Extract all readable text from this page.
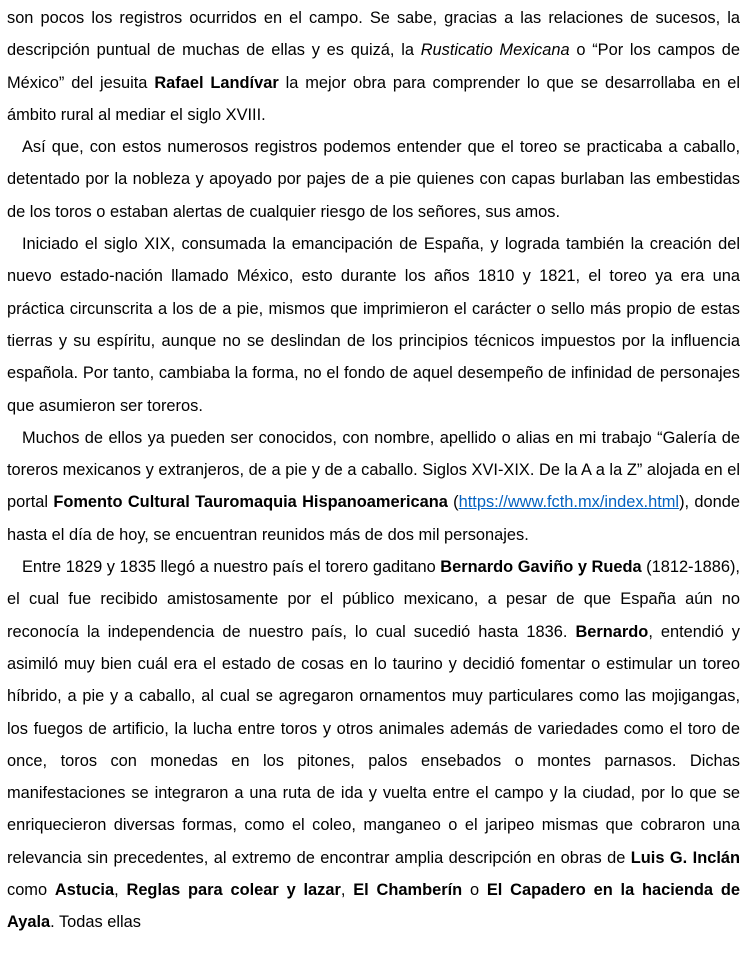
son pocos los registros ocurridos en el campo. Se sabe, gracias a las relaciones de sucesos, la descripción puntual de muchas de ellas y es quizá, la Rusticatio Mexicana o “Por los campos de México” del jesuita Rafael Landívar la mejor obra para comprender lo que se desarrollaba en el ámbito rural al mediar el siglo XVIII.

Así que, con estos numerosos registros podemos entender que el toreo se practicaba a caballo, detentado por la nobleza y apoyado por pajes de a pie quienes con capas burlaban las embestidas de los toros o estaban alertas de cualquier riesgo de los señores, sus amos.

Iniciado el siglo XIX, consumada la emancipación de España, y lograda también la creación del nuevo estado-nación llamado México, esto durante los años 1810 y 1821, el toreo ya era una práctica circunscrita a los de a pie, mismos que imprimieron el carácter o sello más propio de estas tierras y su espíritu, aunque no se deslindan de los principios técnicos impuestos por la influencia española. Por tanto, cambiaba la forma, no el fondo de aquel desempeño de infinidad de personajes que asumieron ser toreros.

Muchos de ellos ya pueden ser conocidos, con nombre, apellido o alias en mi trabajo “Galería de toreros mexicanos y extranjeros, de a pie y de a caballo. Siglos XVI-XIX. De la A a la Z” alojada en el portal Fomento Cultural Tauromaquia Hispanoamericana (https://www.fcth.mx/index.html), donde hasta el día de hoy, se encuentran reunidos más de dos mil personajes.

Entre 1829 y 1835 llegó a nuestro país el torero gaditano Bernardo Gaviño y Rueda (1812-1886), el cual fue recibido amistosamente por el público mexicano, a pesar de que España aún no reconocía la independencia de nuestro país, lo cual sucedió hasta 1836. Bernardo, entendió y asimiló muy bien cuál era el estado de cosas en lo taurino y decidió fomentar o estimular un toreo híbrido, a pie y a caballo, al cual se agregaron ornamentos muy particulares como las mojigangas, los fuegos de artificio, la lucha entre toros y otros animales además de variedades como el toro de once, toros con monedas en los pitones, palos ensebados o montes parnasos. Dichas manifestaciones se integraron a una ruta de ida y vuelta entre el campo y la ciudad, por lo que se enriquecieron diversas formas, como el coleo, manganeo o el jaripeo mismas que cobraron una relevancia sin precedentes, al extremo de encontrar amplia descripción en obras de Luis G. Inclán como Astucia, Reglas para colear y lazar, El Chamberín o El Capadero en la hacienda de Ayala. Todas ellas
